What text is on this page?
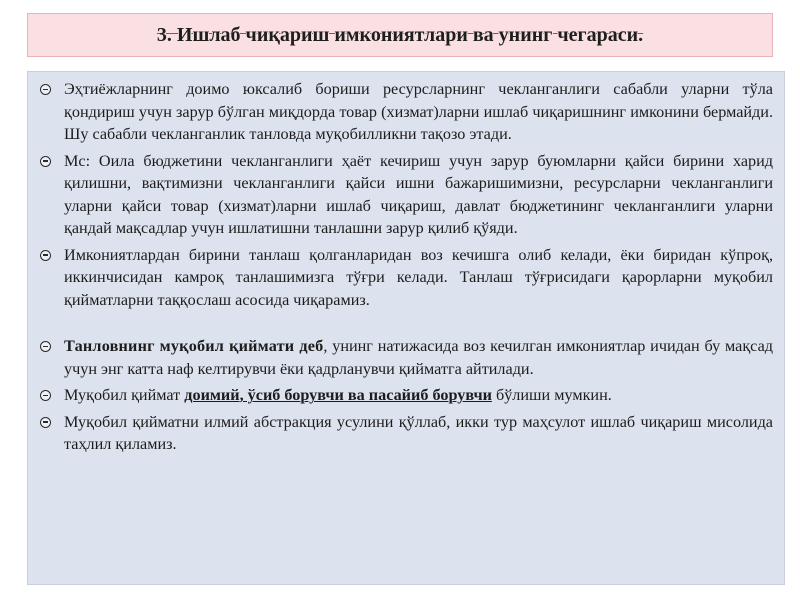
3. Ишлаб чиқариш имкониятлари ва унинг чегараси.
Эҳтиёжларнинг доимо юксалиб бориши ресурсларнинг чекланганлиги сабабли уларни тўла қондириш учун зарур бўлган миқдорда товар (хизмат)ларни ишлаб чиқаришнинг имконини бермайди. Шу сабабли чекланганлик танловда муқобилликни тақозо этади.
Мс: Оила бюджетини чекланганлиги ҳаёт кечириш учун зарур буюмларни қайси бирини харид қилишни, вақтимизни чекланганлиги қайси ишни бажаришимизни, ресурсларни чекланганлиги уларни қайси товар (хизмат)ларни ишлаб чиқариш, давлат бюджетининг чекланганлиги уларни қандай мақсадлар учун ишлатишни танлашни зарур қилиб қўяди.
Имкониятлардан бирини танлаш қолганларидан воз кечишга олиб келади, ёки биридан кўпроқ, иккинчисидан камроқ танлашимизга тўғри келади. Танлаш тўғрисидаги қарорларни муқобил қийматларни таққослаш асосида чиқарамиз.
Танловнинг муқобил қиймати деб, унинг натижасида воз кечилган имкониятлар ичидан бу мақсад учун энг катта наф келтирувчи ёки қадрланувчи қийматга айтилади.
Муқобил қиймат доимий, ўсиб борувчи ва пасайиб борувчи бўлиши мумкин.
Муқобил қийматни илмий абстракция усулини қўллаб, икки тур маҳсулот ишлаб чиқариш мисолида таҳлил қиламиз.
